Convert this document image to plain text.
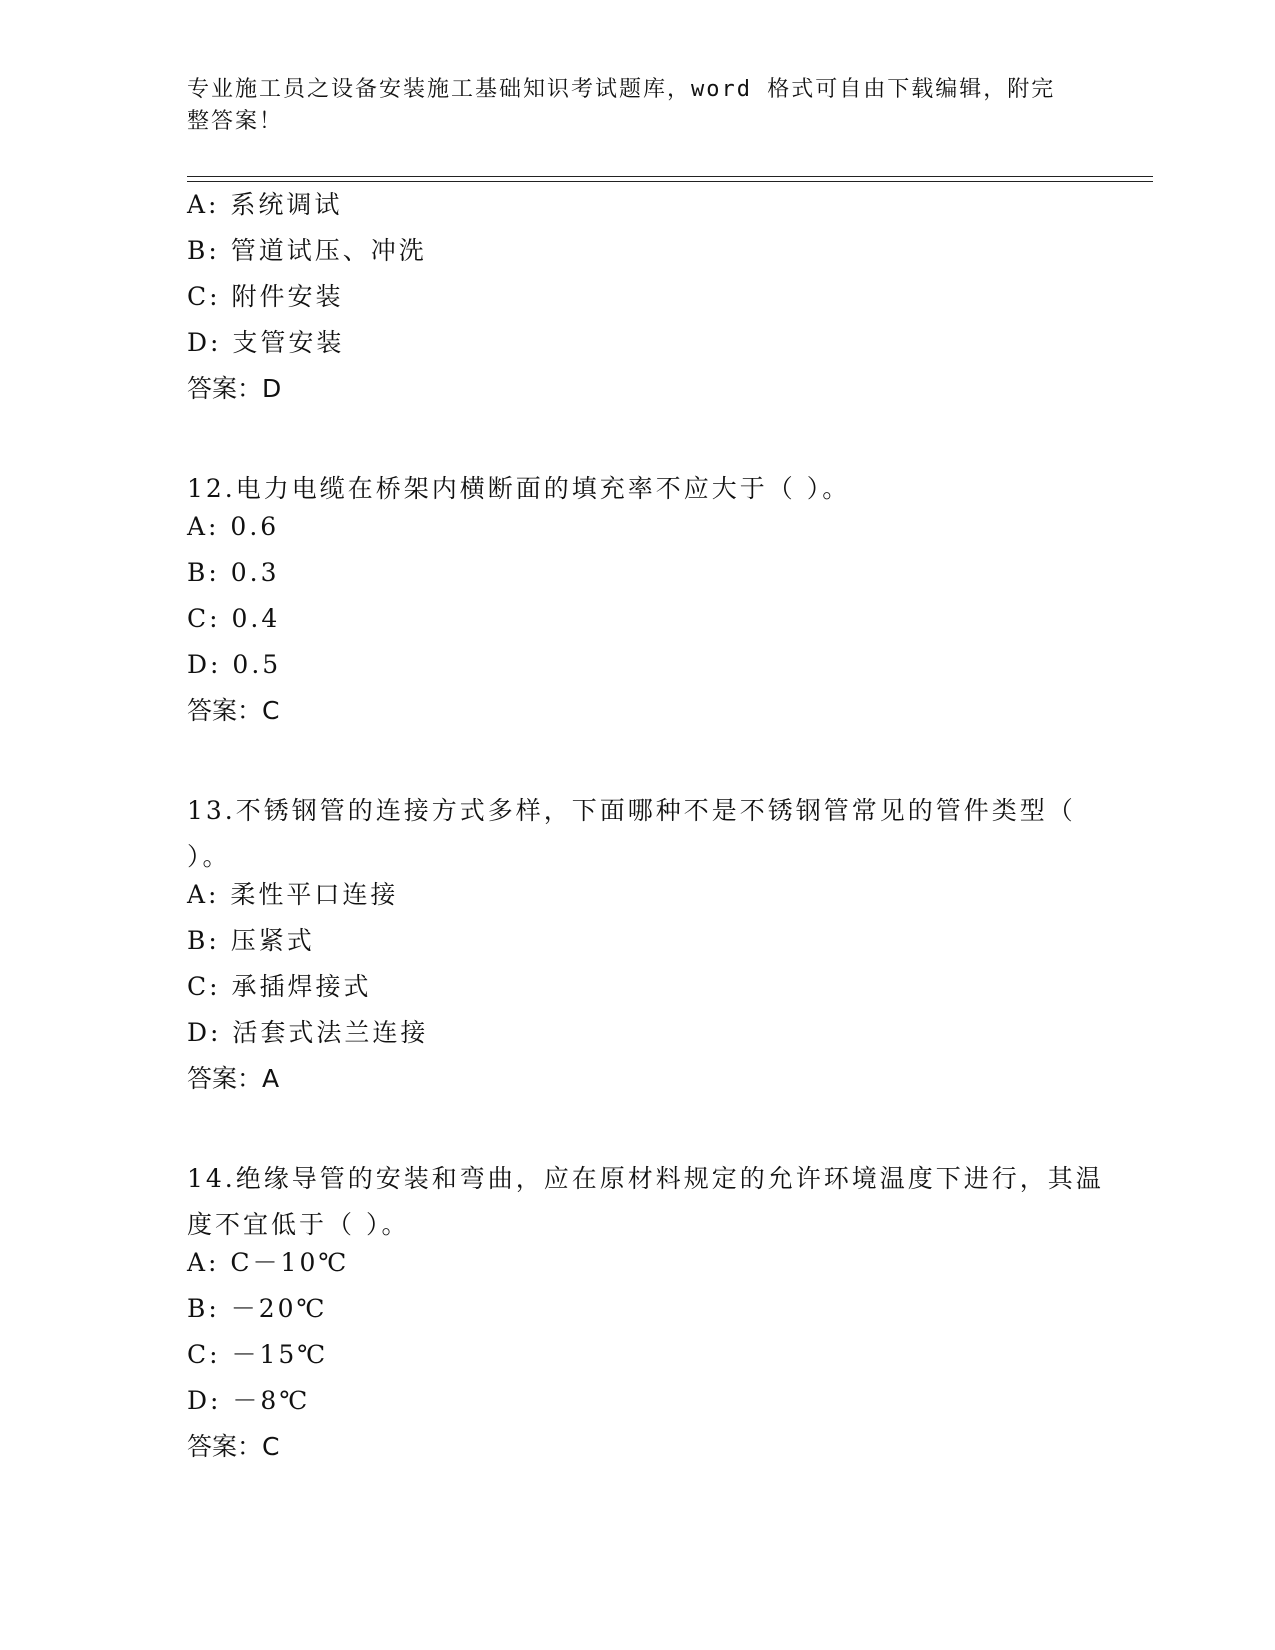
专业施工员之设备安装施工基础知识考试题库，word 格式可自由下载编辑，附完整答案！

A: 系统调试

B: 管道试压、冲洗

C: 附件安装

D: 支管安装

答案：D

12.电力电缆在桥架内横断面的填充率不应大于（ ）。

A: 0.6

B: 0.3

C: 0.4

D: 0.5

答案：C

13.不锈钢管的连接方式多样，下面哪种不是不锈钢管常见的管件类型（ ）。

A: 柔性平口连接

B: 压紧式

C: 承插焊接式

D: 活套式法兰连接

答案：A

14.绝缘导管的安装和弯曲，应在原材料规定的允许环境温度下进行，其温度不宜低于（ ）。

A: C－10℃

B: －20℃

C: －15℃

D: －8℃

答案：C
